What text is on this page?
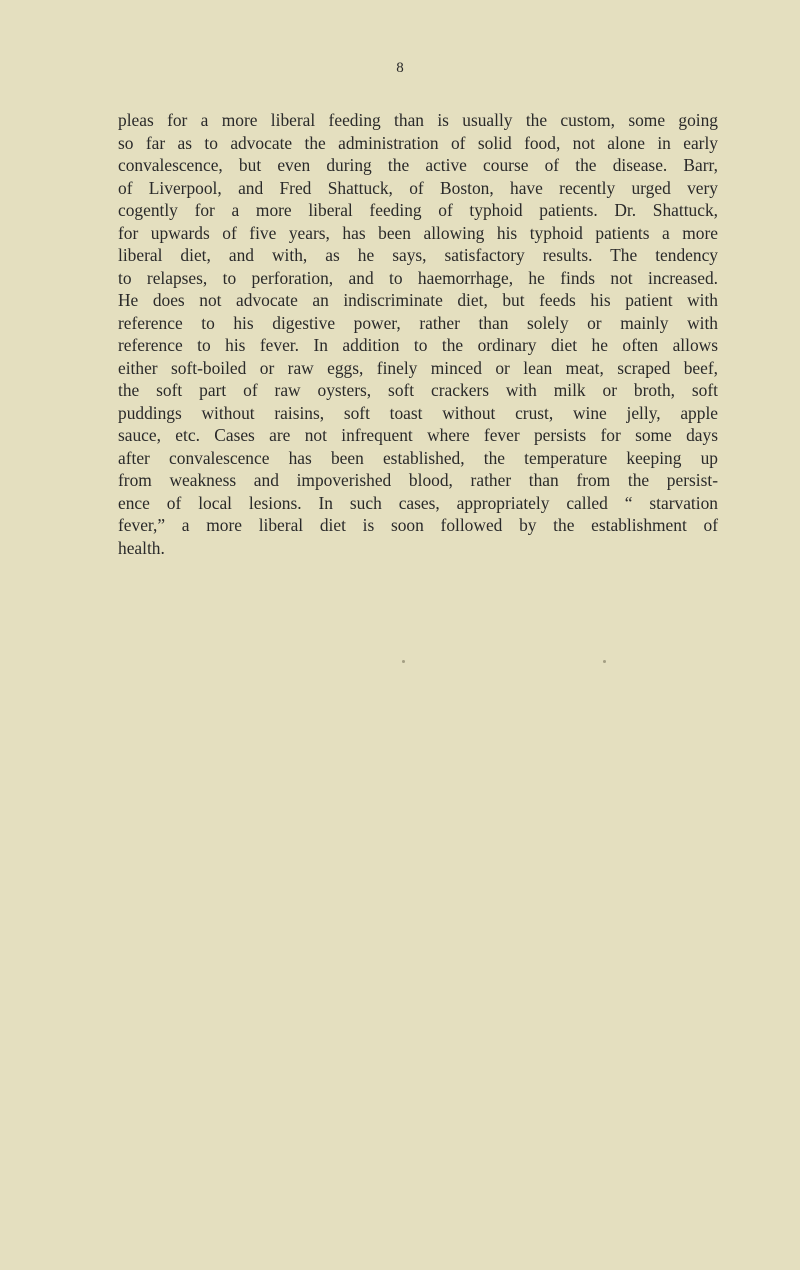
8
pleas for a more liberal feeding than is usually the custom, some going
so far as to advocate the administration of solid food, not alone in early
convalescence, but even during the active course of the disease. Barr,
of Liverpool, and Fred Shattuck, of Boston, have recently urged very
cogently for a more liberal feeding of typhoid patients. Dr. Shattuck,
for upwards of five years, has been allowing his typhoid patients a more
liberal diet, and with, as he says, satisfactory results. The tendency
to relapses, to perforation, and to haemorrhage, he finds not increased.
He does not advocate an indiscriminate diet, but feeds his patient with
reference to his digestive power, rather than solely or mainly with
reference to his fever. In addition to the ordinary diet he often allows
either soft-boiled or raw eggs, finely minced or lean meat, scraped beef,
the soft part of raw oysters, soft crackers with milk or broth, soft
puddings without raisins, soft toast without crust, wine jelly, apple
sauce, etc. Cases are not infrequent where fever persists for some days
after convalescence has been established, the temperature keeping up
from weakness and impoverished blood, rather than from the persist-
ence of local lesions. In such cases, appropriately called “ starvation
fever,” a more liberal diet is soon followed by the establishment of
health.
